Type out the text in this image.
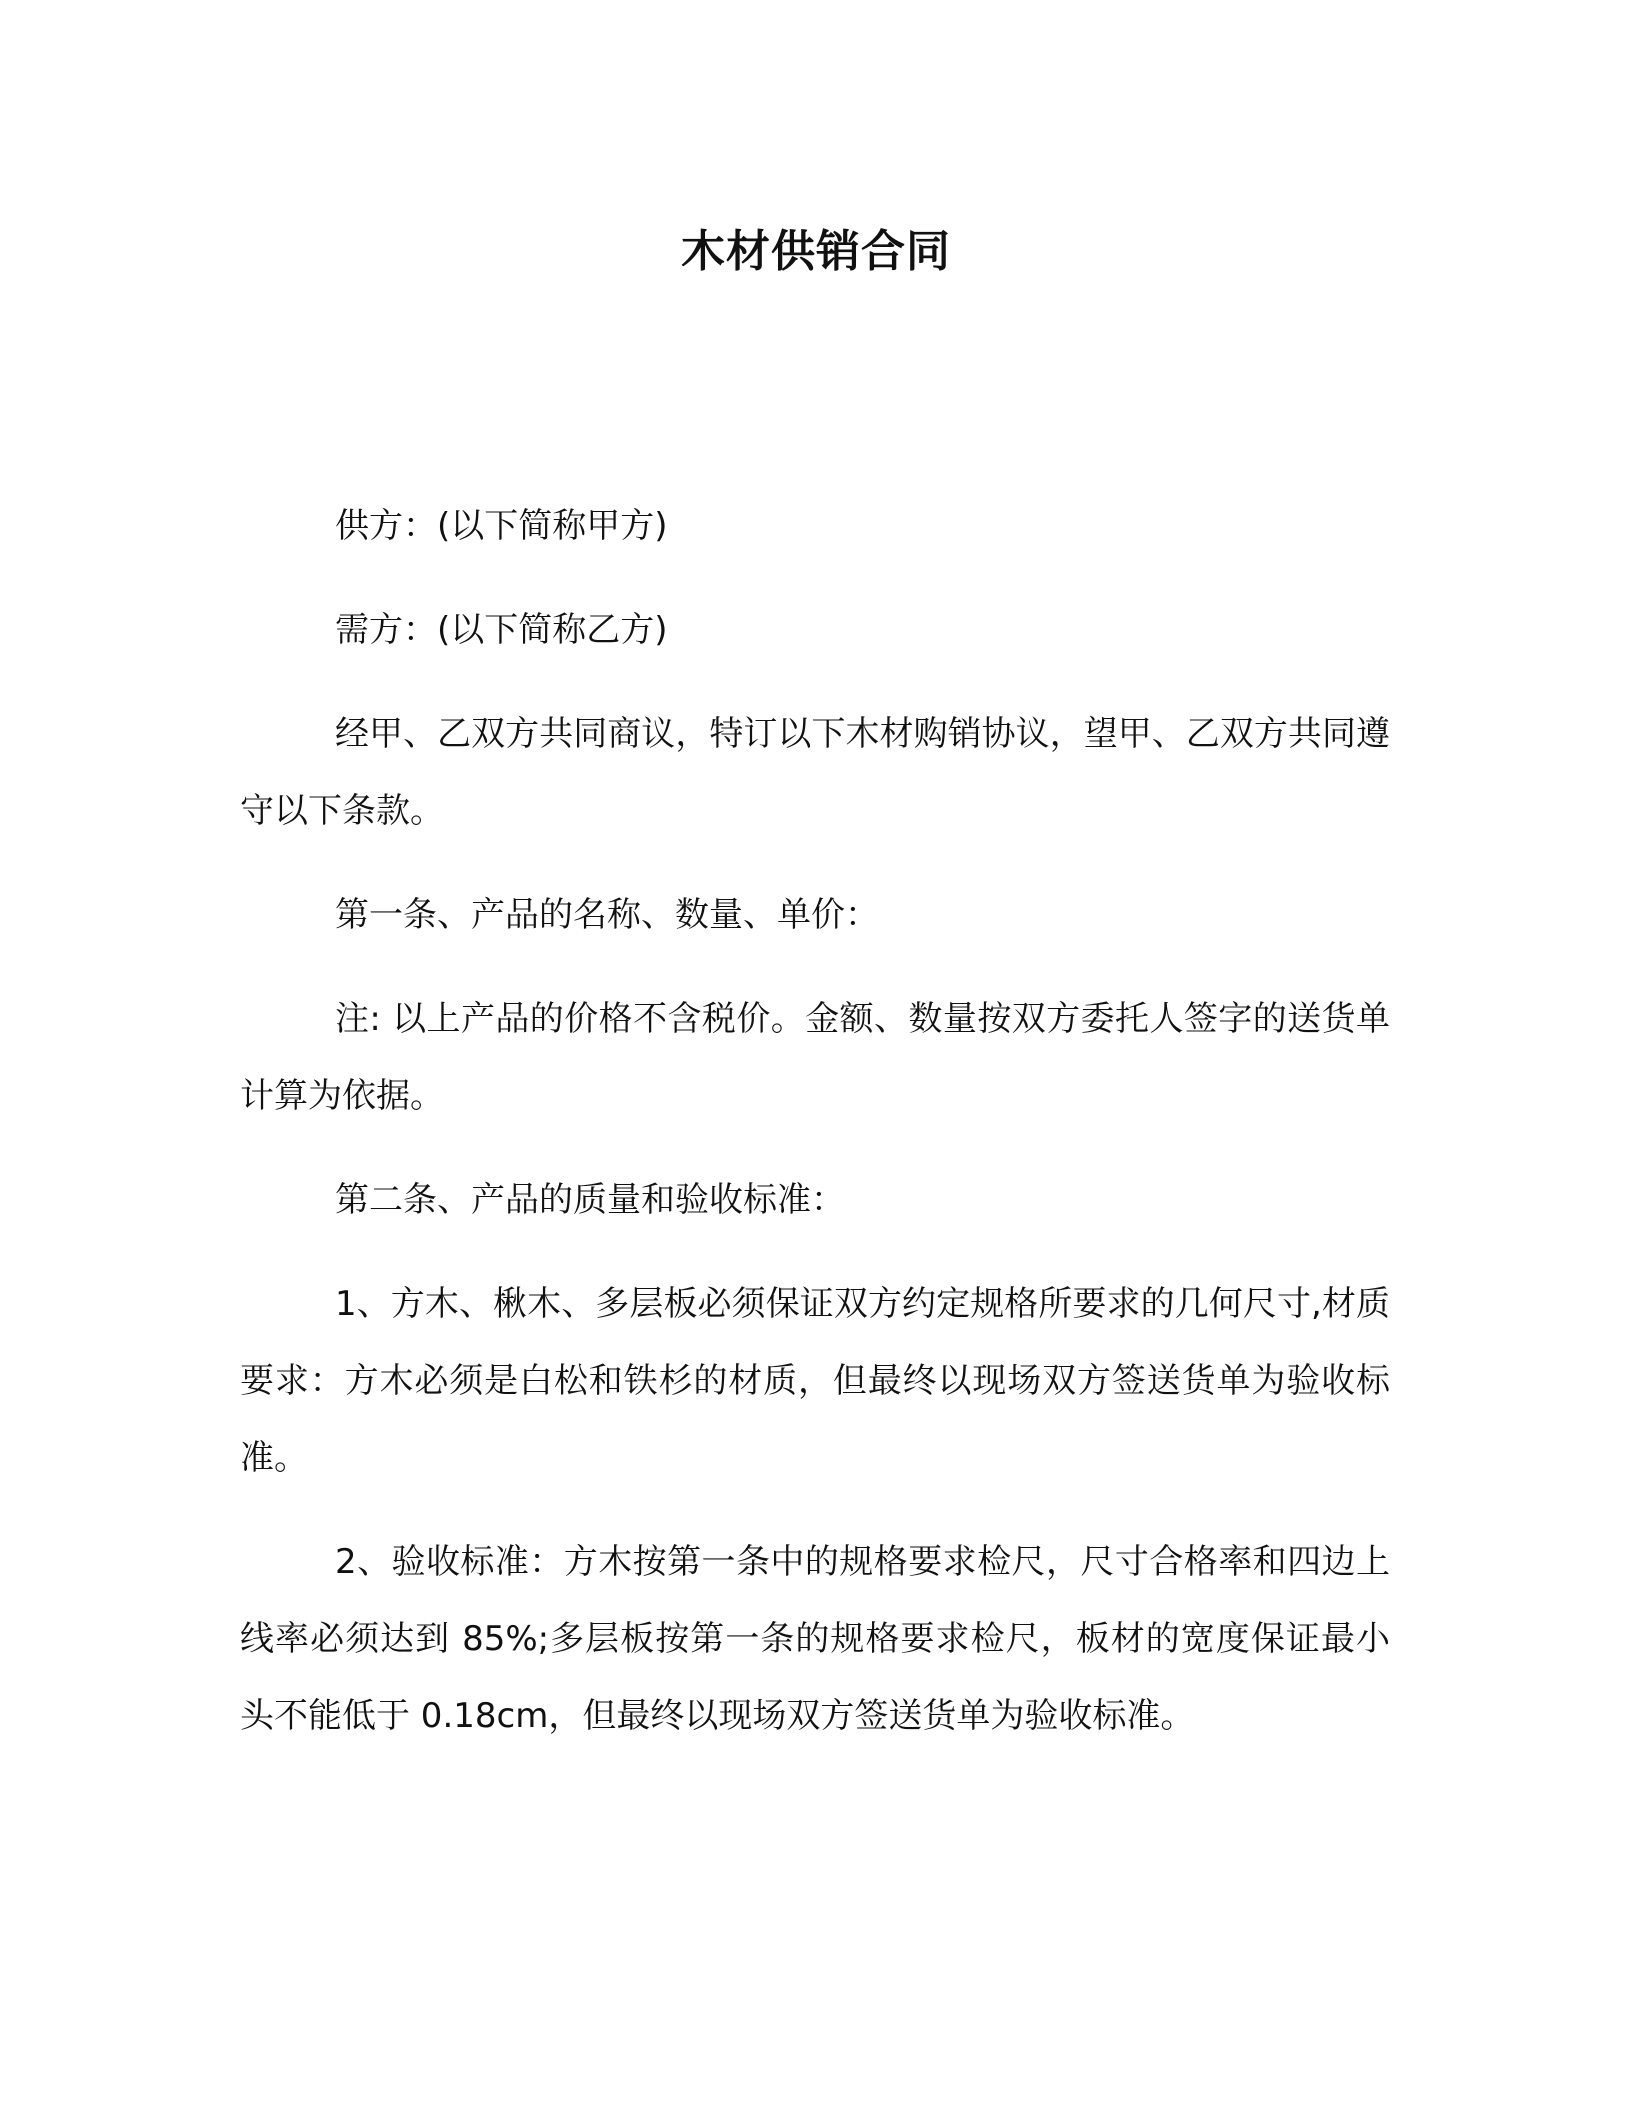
木材供销合同

供方：(以下简称甲方)

需方：(以下简称乙方)

经甲、乙双方共同商议，特订以下木材购销协议，望甲、乙双方共同遵守以下条款。

第一条、产品的名称、数量、单价：

注: 以上产品的价格不含税价。金额、数量按双方委托人签字的送货单计算为依据。

第二条、产品的质量和验收标准：

1、方木、楸木、多层板必须保证双方约定规格所要求的几何尺寸,材质要求：方木必须是白松和铁杉的材质，但最终以现场双方签送货单为验收标准。

2、验收标准：方木按第一条中的规格要求检尺，尺寸合格率和四边上线率必须达到 85%;多层板按第一条的规格要求检尺，板材的宽度保证最小头不能低于 0.18cm，但最终以现场双方签送货单为验收标准。
